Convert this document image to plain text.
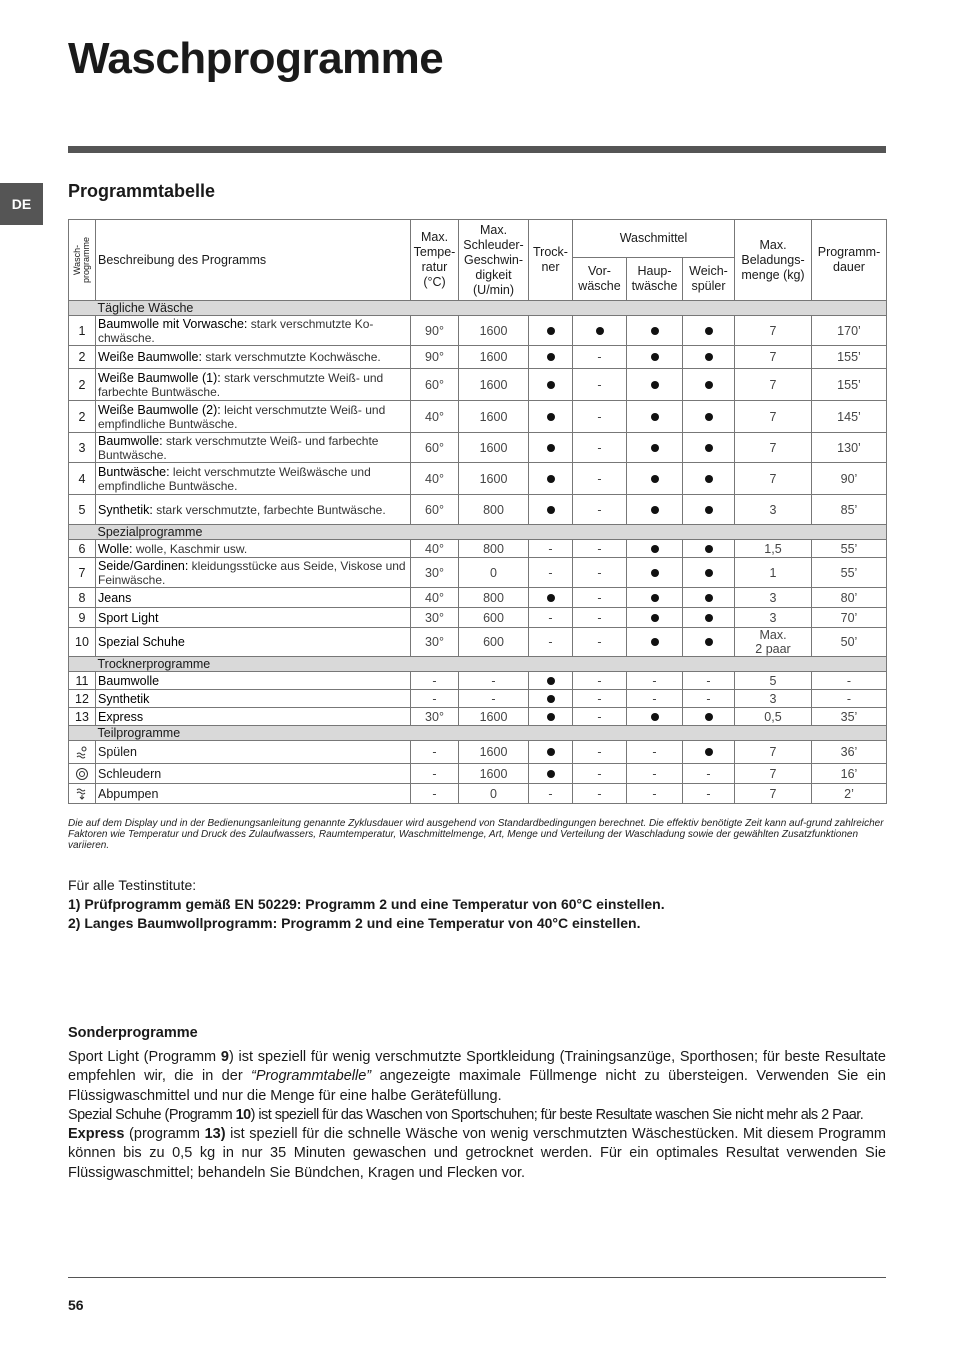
Waschprogramme
DE
Programmtabelle
Wasch-
programme	Beschreibung des Programms	Max.
Tempe-
ratur
(°C)	Max.
Schleuder-
Geschwin-
digkeit
(U/min)	Trock-
ner	Waschmittel			Max.
Beladungs-
menge (kg)	Programm-
dauer
					Vor-
wäsche	Haup-
twäsche	Weich-
spüler		
	Tägliche Wäsche								
1	Baumwolle mit Vorwasche: stark verschmutzte Ko-chwäsche.	90°	1600					7	170’
2	Weiße Baumwolle: stark verschmutzte Kochwäsche.	90°	1600		-			7	155’
2	Weiße Baumwolle (1): stark verschmutzte Weiß- und farbechte Buntwäsche.	60°	1600		-			7	155’
2	Weiße Baumwolle (2): leicht verschmutzte Weiß- und empfindliche Buntwäsche.	40°	1600		-			7	145’
3	Baumwolle: stark verschmutzte Weiß- und farbechte Buntwäsche.	60°	1600		-			7	130’
4	Buntwäsche: leicht verschmutzte Weißwäsche und empfindliche Buntwäsche.	40°	1600		-			7	90’
5	Synthetik: stark verschmutzte, farbechte Buntwäsche.	60°	800		-			3	85’
	Spezialprogramme								
6	Wolle: wolle, Kaschmir usw.	40°	800	-	-			1,5	55’
7	Seide/Gardinen: kleidungsstücke aus Seide, Viskose und Feinwäsche.	30°	0	-	-			1	55’
8	Jeans	40°	800		-			3	80’
9	Sport Light	30°	600	-	-			3	70’
10	Spezial Schuhe	30°	600	-	-			Max.
2 paar	50’
	Trocknerprogramme								
11	Baumwolle	-	-		-	-	-	5	-
12	Synthetik	-	-		-	-	-	3	-
13	Express	30°	1600		-			0,5	35’
	Teilprogramme								

	Spülen	-	1600		-	-		7	36’

	Schleudern	-	1600		-	-	-	7	16’

	Abpumpen	-	0	-	-	-	-	7	2’

Die auf dem Display und in der Bedienungsanleitung genannte Zyklusdauer wird ausgehend von Standardbedingungen berechnet. Die effektiv benötigte Zeit kann auf-grund zahlreicher Faktoren wie Temperatur und Druck des Zulaufwassers, Raumtemperatur, Waschmittelmenge, Art, Menge und Verteilung der Waschladung sowie der gewählten Zusatzfunktionen variieren.

Für alle Testinstitute:

1) Prüfprogramm gemäß EN 50229: Programm 2 und eine Temperatur von 60°C einstellen.

2) Langes Baumwollprogramm: Programm 2 und eine Temperatur von 40°C einstellen.

Sonderprogramme

Sport Light (Programm 9) ist speziell für wenig verschmutzte Sportkleidung (Trainingsanzüge, Sporthosen; für beste Resultate empfehlen wir, die in der “Programmtabelle” angezeigte maximale Füllmenge nicht zu übersteigen. Verwenden Sie ein Flüssigwaschmittel und nur die Menge für eine halbe Gerätefüllung.

Spezial Schuhe (Programm 10) ist speziell für das Waschen von Sportschuhen; für beste Resultate waschen Sie nicht mehr als 2 Paar.

Express (programm 13) ist speziell für die schnelle Wäsche von wenig verschmutzten Wäschestücken. Mit diesem Programm können bis zu 0,5 kg in nur 35 Minuten gewaschen und getrocknet werden. Für ein optimales Resultat verwenden Sie Flüssigwaschmittel; behandeln Sie Bündchen, Kragen und Flecken vor.

56
